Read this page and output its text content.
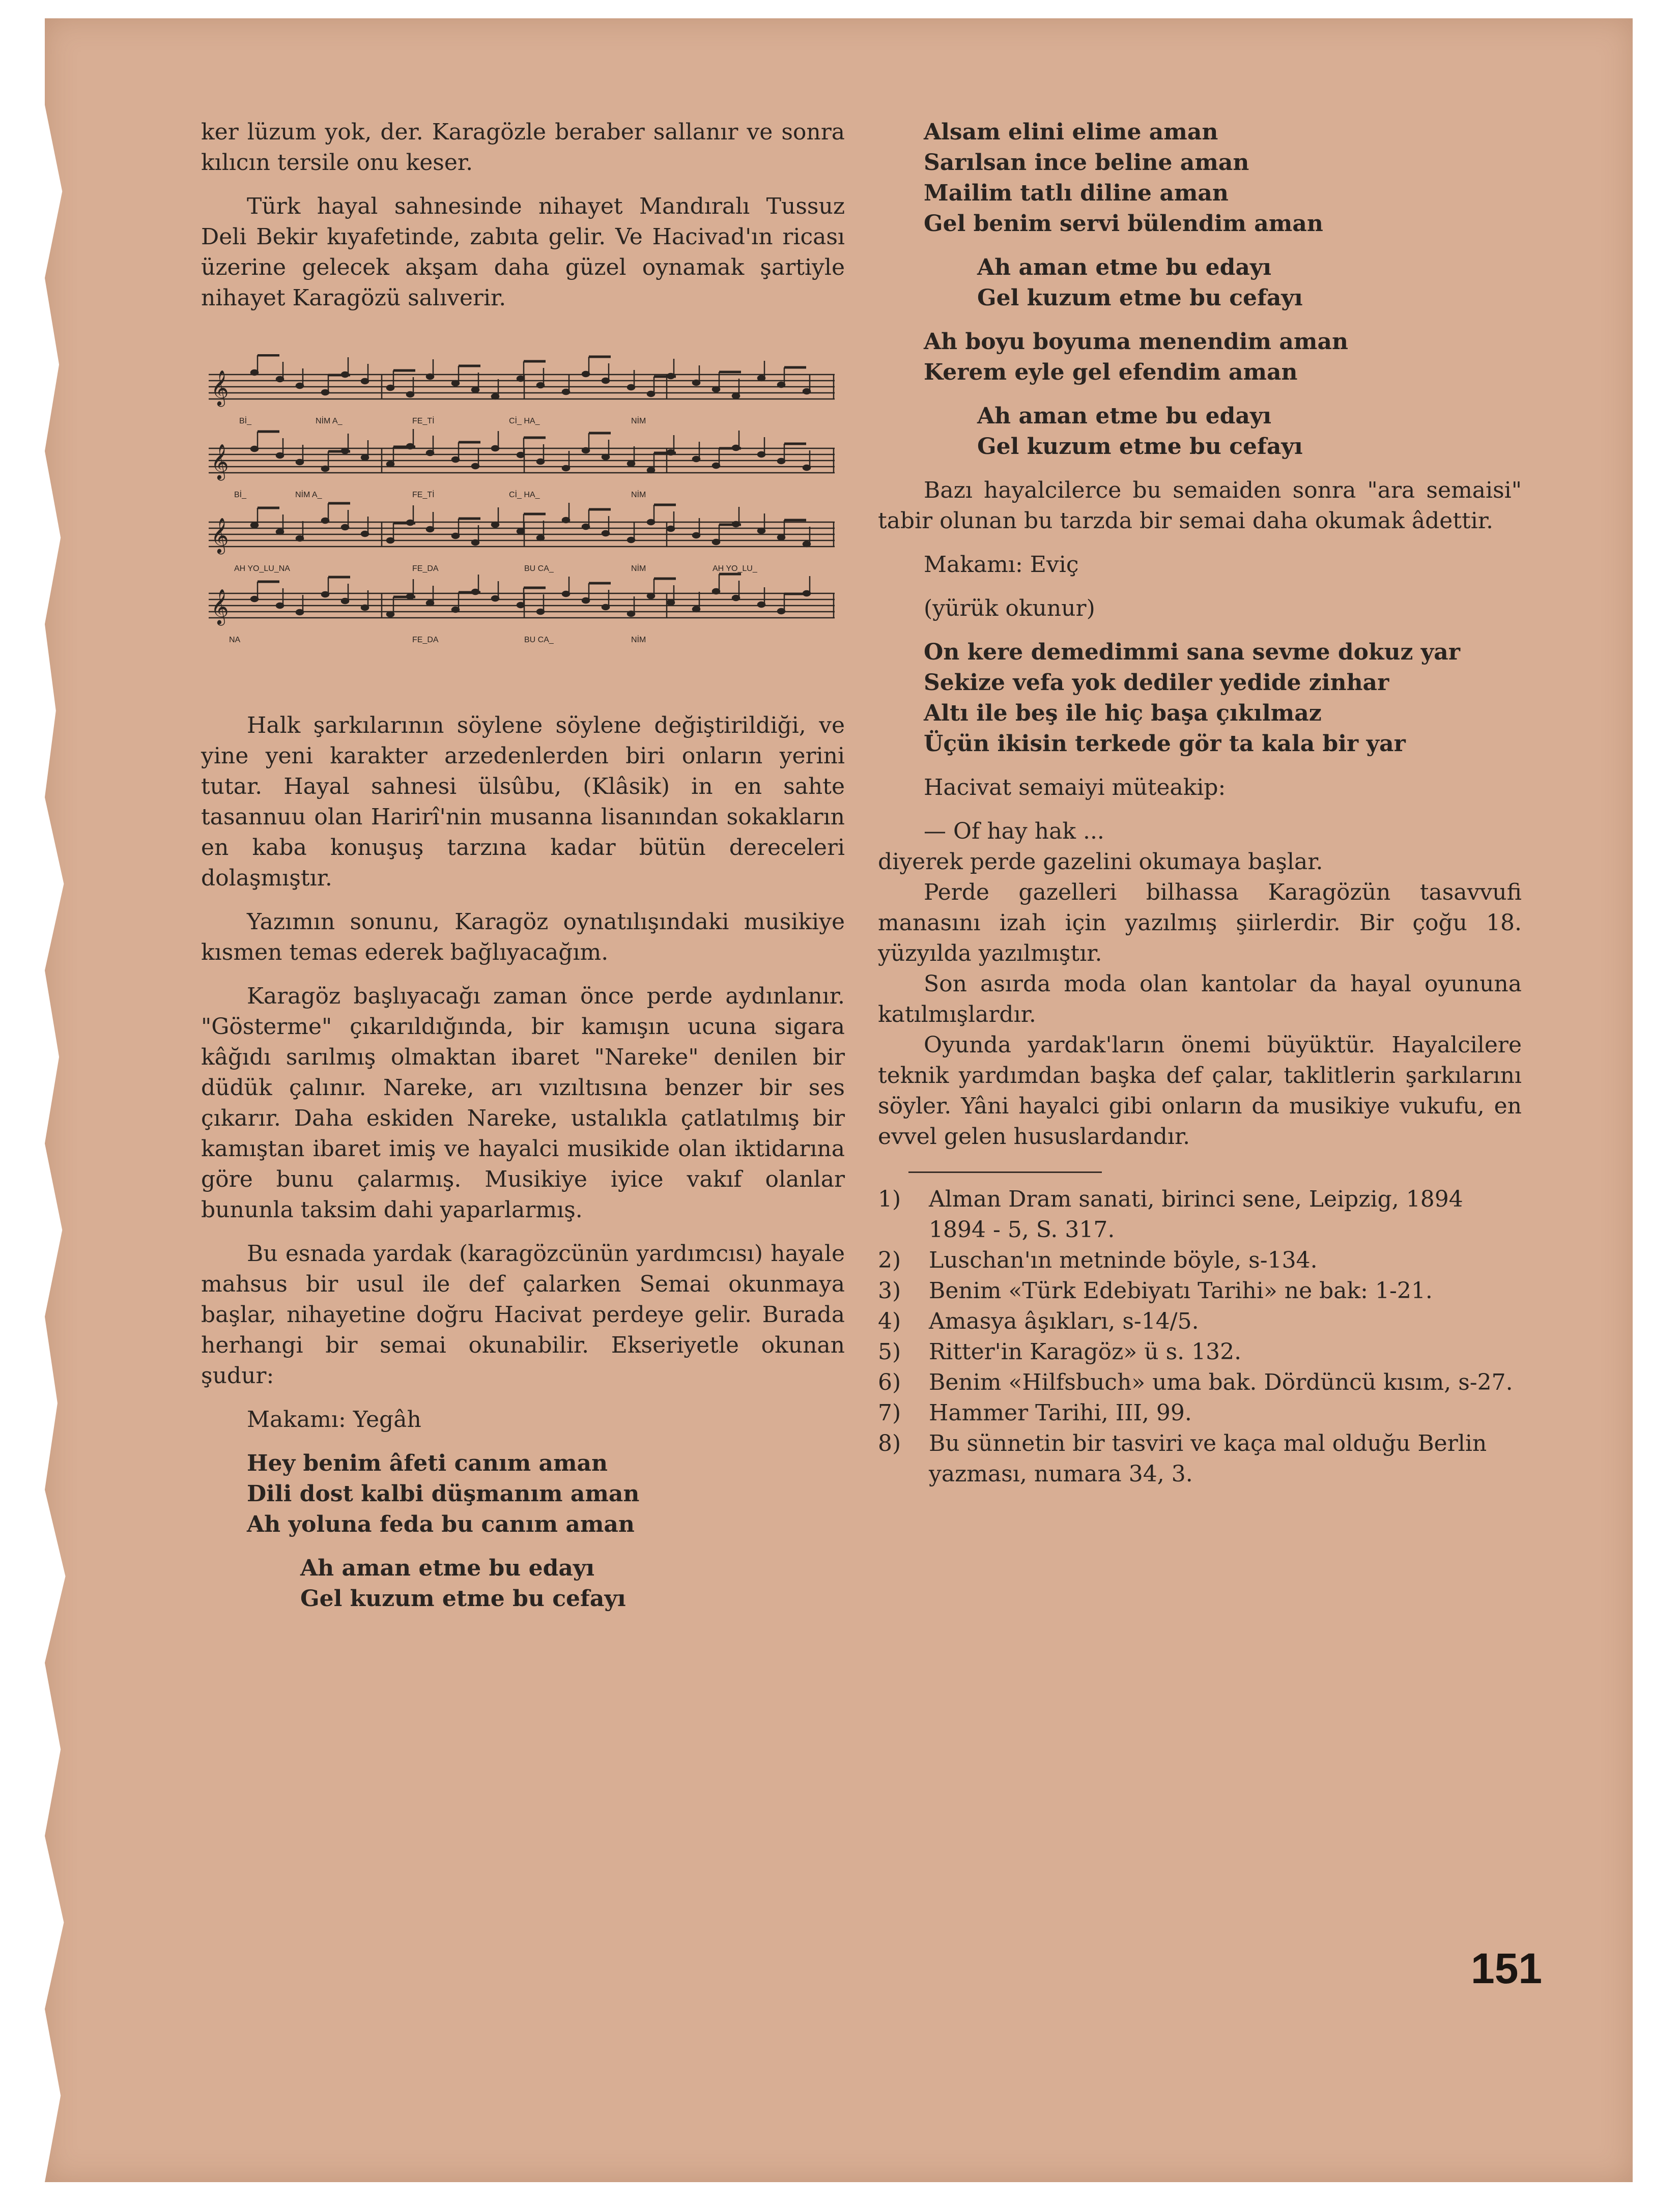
ker lüzum yok, der. Karagözle beraber sallanır ve sonra kılıcın tersile onu keser.

Türk hayal sahnesinde nihayet Mandıralı Tussuz Deli Bekir kıyafetinde, zabıta gelir. Ve Hacivad'ın ricası üzerine gelecek akşam daha güzel oynamak şartiyle nihayet Karagözü salıverir.

𝄞
𝄞
𝄞
𝄞
Bİ_	NİM A_	FE_Tİ	Cİ_ HA_	NİM
Bİ_	NİM A_	FE_Tİ	Cİ_ HA_	NİM
AH YO_LU_NA	FE_DA	BU CA_	NİM	AH YO_LU_
NA	FE_DA	BU CA_	NİM

Halk şarkılarının söylene söylene değiştirildiği, ve yine yeni karakter arzedenlerden biri onların yerini tutar. Hayal sahnesi ülsûbu, (Klâsik) in en sahte tasannuu olan Harirî'nin musanna lisanından sokakların en kaba konuşuş tarzına kadar bütün dereceleri dolaşmıştır.

Yazımın sonunu, Karagöz oynatılışındaki musikiye kısmen temas ederek bağlıyacağım.

Karagöz başlıyacağı zaman önce perde aydınlanır. "Gösterme" çıkarıldığında, bir kamışın ucuna sigara kâğıdı sarılmış olmaktan ibaret "Nareke" denilen bir düdük çalınır. Nareke, arı vızıltısına benzer bir ses çıkarır. Daha eskiden Nareke, ustalıkla çatlatılmış bir kamıştan ibaret imiş ve hayalci musikide olan iktidarına göre bunu çalarmış. Musikiye iyice vakıf olanlar bununla taksim dahi yaparlarmış.

Bu esnada yardak (karagözcünün yardımcısı) hayale mahsus bir usul ile def çalarken Semai okunmaya başlar, nihayetine doğru Hacivat perdeye gelir. Burada herhangi bir semai okunabilir. Ekseriyetle okunan şudur:

Makamı: Yegâh

Hey benim âfeti canım aman

Dili dost kalbi düşmanım aman

Ah yoluna feda bu canım aman

Ah aman etme bu edayı

Gel kuzum etme bu cefayı

Alsam elini elime aman

Sarılsan ince beline aman

Mailim tatlı diline aman

Gel benim servi bülendim aman

Ah aman etme bu edayı

Gel kuzum etme bu cefayı

Ah boyu boyuma menendim aman

Kerem eyle gel efendim aman

Ah aman etme bu edayı

Gel kuzum etme bu cefayı

Bazı hayalcilerce bu semaiden sonra "ara semaisi" tabir olunan bu tarzda bir semai daha okumak âdettir.

Makamı: Eviç

(yürük okunur)

On kere demedimmi sana sevme dokuz yar

Sekize vefa yok dediler yedide zinhar

Altı ile beş ile hiç başa çıkılmaz

Üçün ikisin terkede gör ta kala bir yar

Hacivat semaiyi müteakip:

— Of hay hak ...

diyerek perde gazelini okumaya başlar.

Perde gazelleri bilhassa Karagözün tasavvufi manasını izah için yazılmış şiirlerdir. Bir çoğu 18. yüzyılda yazılmıştır.

Son asırda moda olan kantolar da hayal oyununa katılmışlardır.

Oyunda yardak'ların önemi büyüktür. Hayalcilere teknik yardımdan başka def çalar, taklitlerin şarkılarını söyler. Yâni hayalci gibi onların da musikiye vukufu, en evvel gelen hususlardandır.

1)	Alman Dram sanati, birinci sene, Leipzig, 1894 1894 - 5, S. 317.
2)	Luschan'ın metninde böyle, s-134.
3)	Benim «Türk Edebiyatı Tarihi» ne bak: 1-21.
4)	Amasya âşıkları, s-14/5.
5)	Ritter'in Karagöz» ü s. 132.
6)	Benim «Hilfsbuch» uma bak. Dördüncü kısım, s-27.
7)	Hammer Tarihi, III, 99.
8)	Bu sünnetin bir tasviri ve kaça mal olduğu Berlin yazması, numara 34, 3.
151
